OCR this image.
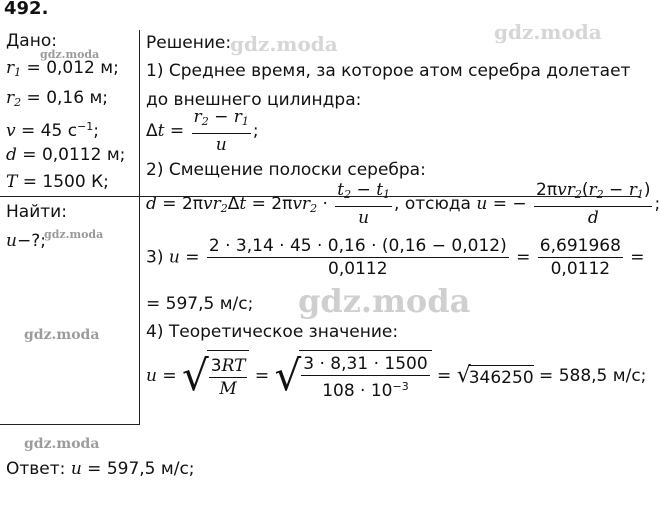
492.
Дано:
$r_1 = 0,012$ м;
$r_2 = 0,16$ м;
v = 45 $с^{-1}$;
d = 0,0112 м;
T = 1500 К;
Найти:
u−?;
Решение:
1) Среднее время, за которое атом серебра долетает
до внешнего цилиндра:
$\Delta t = \frac{r_2 - r_1}{u}$ ;
2) Смещение полоски серебра:
$d = 2\pi vr_2\Delta t = 2\pi vr_2 \cdot \frac{t_2 - t_1}{u}$ , отсюда u = − $\frac{2\pi vr_2(r_2 - r_1)}{d}$ ;
3) $u = \frac{2 \cdot 3,14 \cdot 45 \cdot 0,16 \cdot (0,16 - 0,012)}{0,0112} = \frac{6,691968}{0,0112}$ =
= 597,5 м/с;
4) Теоретическое значение:
u = √ $\frac{3RT}{M}$ = √ $\frac{3 \cdot 8,31 \cdot 1500}{108 \cdot 10^{-3}}$ = √
346250 = 588,5 м/с;
Ответ: u = 597,5 м/с;
gdz.moda
gdz.moda
gdz.moda	gdz.moda
gdz.moda
gdz.moda
gdz.moda
